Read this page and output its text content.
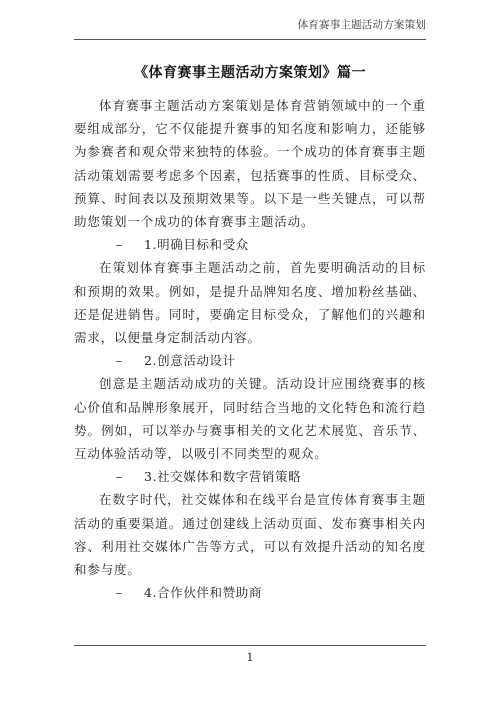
体育赛事主题活动方案策划
《体育赛事主题活动方案策划》篇一

体育赛事主题活动方案策划是体育营销领域中的一个重要组成部分，它不仅能提升赛事的知名度和影响力，还能够为参赛者和观众带来独特的体验。一个成功的体育赛事主题活动策划需要考虑多个因素，包括赛事的性质、目标受众、预算、时间表以及预期效果等。以下是一些关键点，可以帮助您策划一个成功的体育赛事主题活动。

– 1.明确目标和受众

在策划体育赛事主题活动之前，首先要明确活动的目标和预期的效果。例如，是提升品牌知名度、增加粉丝基础、还是促进销售。同时，要确定目标受众，了解他们的兴趣和需求，以便量身定制活动内容。

– 2.创意活动设计

创意是主题活动成功的关键。活动设计应围绕赛事的核心价值和品牌形象展开，同时结合当地的文化特色和流行趋势。例如，可以举办与赛事相关的文化艺术展览、音乐节、互动体验活动等，以吸引不同类型的观众。

– 3.社交媒体和数字营销策略

在数字时代，社交媒体和在线平台是宣传体育赛事主题活动的重要渠道。通过创建线上活动页面、发布赛事相关内容、利用社交媒体广告等方式，可以有效提升活动的知名度和参与度。

– 4.合作伙伴和赞助商
1
